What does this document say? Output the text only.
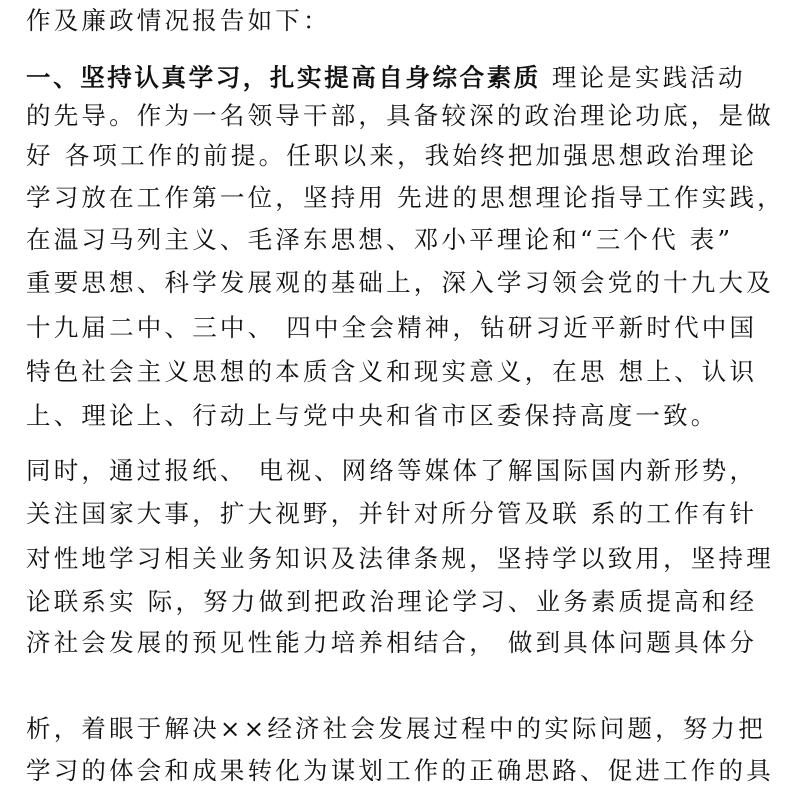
作及廉政情况报告如下：
一、坚持认真学习，扎实提高自身综合素质 理论是实践活动
的先导。作为一名领导干部，具备较深的政治理论功底，是做
好 各项工作的前提。任职以来，我始终把加强思想政治理论
学习放在工作第一位，坚持用 先进的思想理论指导工作实践，
在温习马列主义、毛泽东思想、邓小平理论和“三个代 表”
重要思想、科学发展观的基础上，深入学习领会党的十九大及
十九届二中、三中、 四中全会精神，钻研习近平新时代中国
特色社会主义思想的本质含义和现实意义，在思 想上、认识
上、理论上、行动上与党中央和省市区委保持高度一致。
同时，通过报纸、 电视、网络等媒体了解国际国内新形势，
关注国家大事，扩大视野，并针对所分管及联 系的工作有针
对性地学习相关业务知识及法律条规，坚持学以致用，坚持理
论联系实 际，努力做到把政治理论学习、业务素质提高和经
济社会发展的预见性能力培养相结合， 做到具体问题具体分
析，着眼于解决××经济社会发展过程中的实际问题，努力把
学习的体会和成果转化为谋划工作的正确思路、促进工作的具
